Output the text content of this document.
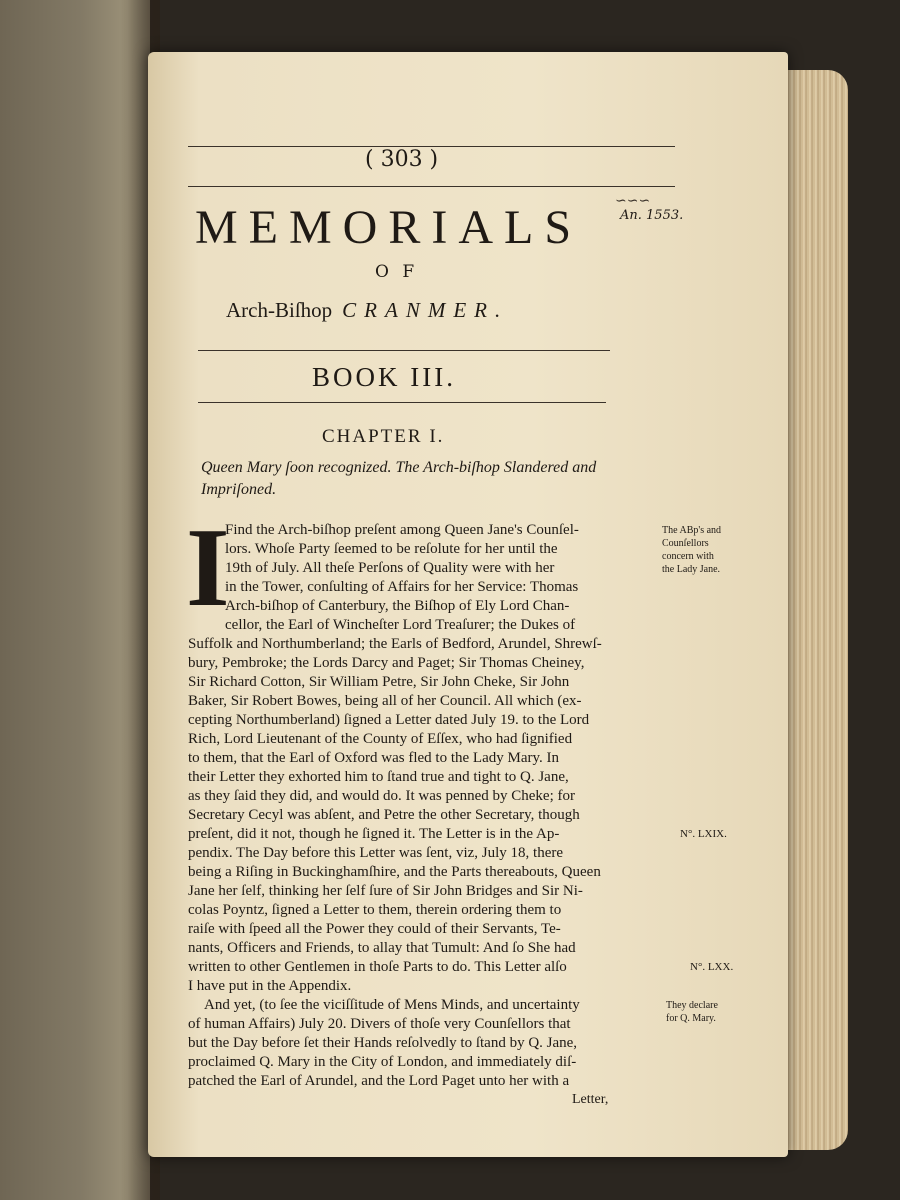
( 303 )
∽∽∽
An. 1553.
MEMORIALS
O F
Arch-Biſhop CRANMER.
BOOK III.
CHAPTER I.
Queen Mary ſoon recognized. The Arch-biſhop Slandered and Impriſoned.
I
Find the Arch-biſhop preſent among Queen Jane's Counſel-
lors. Whoſe Party ſeemed to be reſolute for her until the
19th of July. All theſe Perſons of Quality were with her
in the Tower, conſulting of Affairs for her Service: Thomas
Arch-biſhop of Canterbury, the Biſhop of Ely Lord Chan-
cellor, the Earl of Wincheſter Lord Treaſurer; the Dukes of
Suffolk and Northumberland; the Earls of Bedford, Arundel, Shrewſ-
bury, Pembroke; the Lords Darcy and Paget; Sir Thomas Cheiney,
Sir Richard Cotton, Sir William Petre, Sir John Cheke, Sir John
Baker, Sir Robert Bowes, being all of her Council. All which (ex-
cepting Northumberland) ſigned a Letter dated July 19. to the Lord
Rich, Lord Lieutenant of the County of Eſſex, who had ſignified
to them, that the Earl of Oxford was fled to the Lady Mary. In
their Letter they exhorted him to ſtand true and tight to Q. Jane,
as they ſaid they did, and would do. It was penned by Cheke; for
Secretary Cecyl was abſent, and Petre the other Secretary, though
preſent, did it not, though he ſigned it. The Letter is in the Ap-
pendix. The Day before this Letter was ſent, viz, July 18, there
being a Riſing in Buckinghamſhire, and the Parts thereabouts, Queen
Jane her ſelf, thinking her ſelf ſure of Sir John Bridges and Sir Ni-
colas Poyntz, ſigned a Letter to them, therein ordering them to
raiſe with ſpeed all the Power they could of their Servants, Te-
nants, Officers and Friends, to allay that Tumult: And ſo She had
written to other Gentlemen in thoſe Parts to do. This Letter alſo
I have put in the Appendix.
And yet, (to ſee the viciſſitude of Mens Minds, and uncertainty
of human Affairs) July 20. Divers of thoſe very Counſellors that
but the Day before ſet their Hands reſolvedly to ſtand by Q. Jane,
proclaimed Q. Mary in the City of London, and immediately diſ-
patched the Earl of Arundel, and the Lord Paget unto her with a
Letter,
The ABp's and
Counſellors
concern with
the Lady Jane.
N°. LXIX.
N°. LXX.
They declare
for Q. Mary.
